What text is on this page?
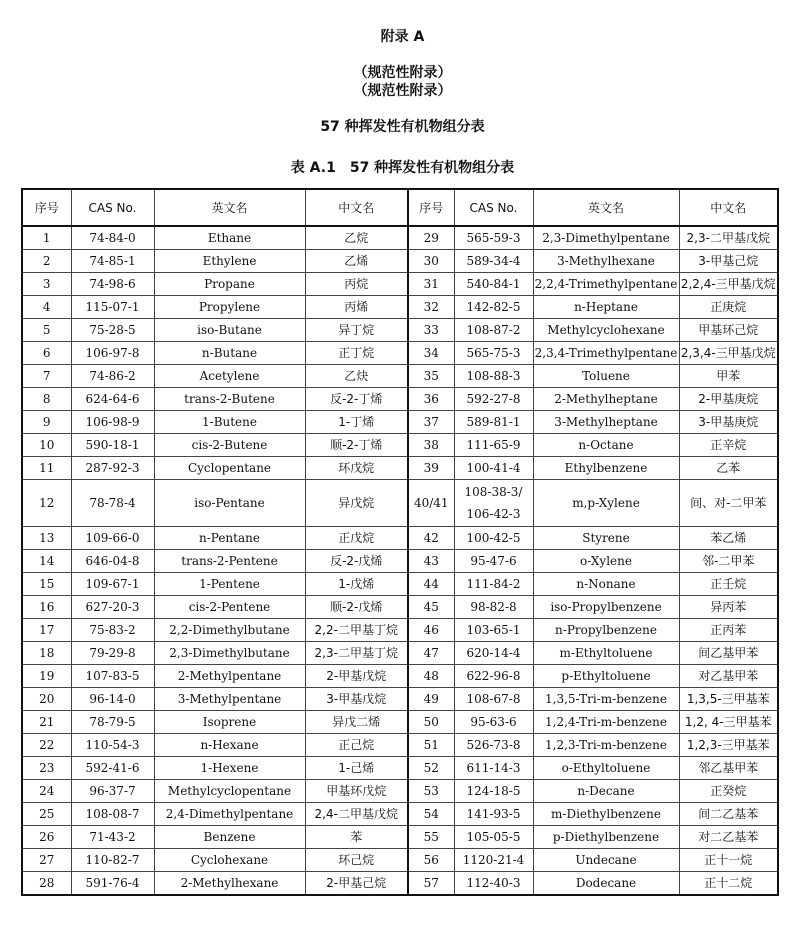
附录 A
（规范性附录）
（规范性附录）
57 种挥发性有机物组分表
表 A.1 57 种挥发性有机物组分表
序号	CAS No.	英文名	中文名	序号	CAS No.	英文名	中文名
1	74-84-0	Ethane	乙烷	29	565-59-3	2,3-Dimethylpentane	2,3-二甲基戊烷
2	74-85-1	Ethylene	乙烯	30	589-34-4	3-Methylhexane	3-甲基己烷
3	74-98-6	Propane	丙烷	31	540-84-1	2,2,4-Trimethylpentane	2,2,4-三甲基戊烷
4	115-07-1	Propylene	丙烯	32	142-82-5	n-Heptane	正庚烷
5	75-28-5	iso-Butane	异丁烷	33	108-87-2	Methylcyclohexane	甲基环己烷
6	106-97-8	n-Butane	正丁烷	34	565-75-3	2,3,4-Trimethylpentane	2,3,4-三甲基戊烷
7	74-86-2	Acetylene	乙炔	35	108-88-3	Toluene	甲苯
8	624-64-6	trans-2-Butene	反-2-丁烯	36	592-27-8	2-Methylheptane	2-甲基庚烷
9	106-98-9	1-Butene	1-丁烯	37	589-81-1	3-Methylheptane	3-甲基庚烷
10	590-18-1	cis-2-Butene	顺-2-丁烯	38	111-65-9	n-Octane	正辛烷
11	287-92-3	Cyclopentane	环戊烷	39	100-41-4	Ethylbenzene	乙苯
12	78-78-4	iso-Pentane	异戊烷	40/41	108-38-3/ 106-42-3	m,p-Xylene	间、对-二甲苯
13	109-66-0	n-Pentane	正戊烷	42	100-42-5	Styrene	苯乙烯
14	646-04-8	trans-2-Pentene	反-2-戊烯	43	95-47-6	o-Xylene	邻-二甲苯
15	109-67-1	1-Pentene	1-戊烯	44	111-84-2	n-Nonane	正壬烷
16	627-20-3	cis-2-Pentene	顺-2-戊烯	45	98-82-8	iso-Propylbenzene	异丙苯
17	75-83-2	2,2-Dimethylbutane	2,2-二甲基丁烷	46	103-65-1	n-Propylbenzene	正丙苯
18	79-29-8	2,3-Dimethylbutane	2,3-二甲基丁烷	47	620-14-4	m-Ethyltoluene	间乙基甲苯
19	107-83-5	2-Methylpentane	2-甲基戊烷	48	622-96-8	p-Ethyltoluene	对乙基甲苯
20	96-14-0	3-Methylpentane	3-甲基戊烷	49	108-67-8	1,3,5-Tri-m-benzene	1,3,5-三甲基苯
21	78-79-5	Isoprene	异戊二烯	50	95-63-6	1,2,4-Tri-m-benzene	1,2, 4-三甲基苯
22	110-54-3	n-Hexane	正己烷	51	526-73-8	1,2,3-Tri-m-benzene	1,2,3-三甲基苯
23	592-41-6	1-Hexene	1-己烯	52	611-14-3	o-Ethyltoluene	邻乙基甲苯
24	96-37-7	Methylcyclopentane	甲基环戊烷	53	124-18-5	n-Decane	正癸烷
25	108-08-7	2,4-Dimethylpentane	2,4-二甲基戊烷	54	141-93-5	m-Diethylbenzene	间二乙基苯
26	71-43-2	Benzene	苯	55	105-05-5	p-Diethylbenzene	对二乙基苯
27	110-82-7	Cyclohexane	环己烷	56	1120-21-4	Undecane	正十一烷
28	591-76-4	2-Methylhexane	2-甲基己烷	57	112-40-3	Dodecane	正十二烷
